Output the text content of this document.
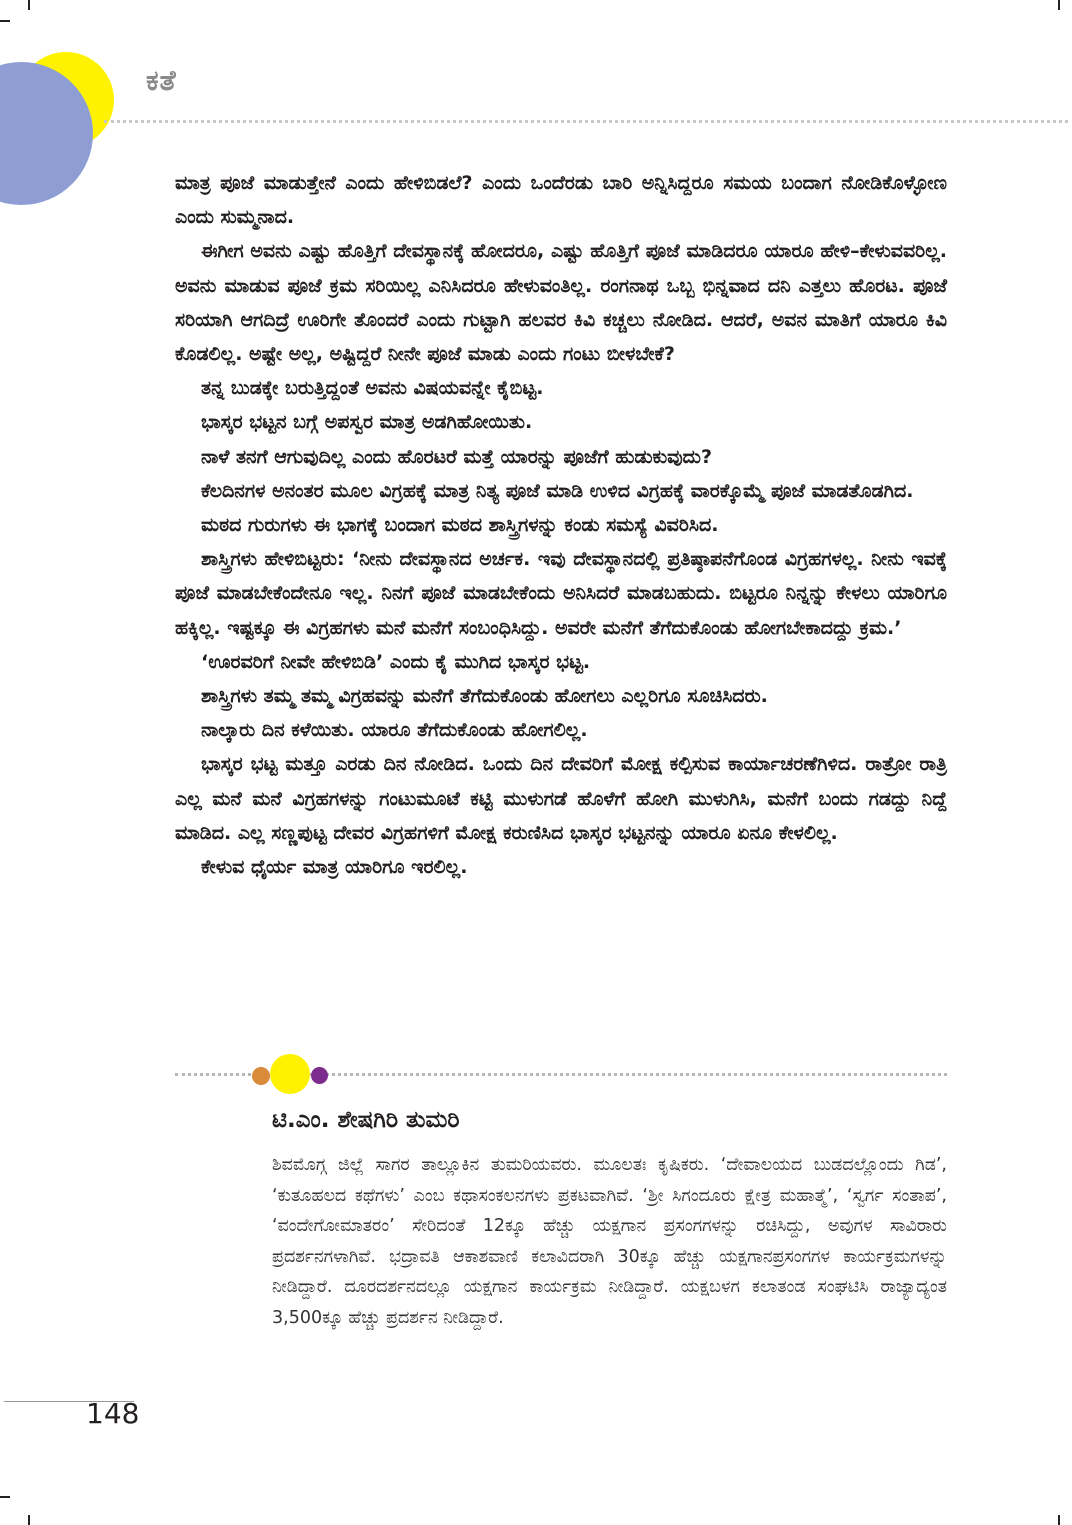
ಕತೆ

ಮಾತ್ರ ಪೂಜೆ ಮಾಡುತ್ತೇನೆ ಎಂದು ಹೇಳಿಬಿಡಲೆ? ಎಂದು ಒಂದೆರಡು ಬಾರಿ ಅನ್ನಿಸಿದ್ದರೂ ಸಮಯ ಬಂದಾಗ ನೋಡಿಕೊಳ್ಳೋಣ ಎಂದು ಸುಮ್ಮನಾದ.

ಈಗೀಗ ಅವನು ಎಷ್ಟು ಹೊತ್ತಿಗೆ ದೇವಸ್ಥಾನಕ್ಕೆ ಹೋದರೂ, ಎಷ್ಟು ಹೊತ್ತಿಗೆ ಪೂಜೆ ಮಾಡಿದರೂ ಯಾರೂ ಹೇಳಿ–ಕೇಳುವವರಿಲ್ಲ. ಅವನು ಮಾಡುವ ಪೂಜೆ ಕ್ರಮ ಸರಿಯಿಲ್ಲ ಎನಿಸಿದರೂ ಹೇಳುವಂತಿಲ್ಲ. ರಂಗನಾಥ ಒಬ್ಬ ಭಿನ್ನವಾದ ದನಿ ಎತ್ತಲು ಹೊರಟ. ಪೂಜೆ ಸರಿಯಾಗಿ ಆಗದಿದ್ರೆ ಊರಿಗೇ ತೊಂದರೆ ಎಂದು ಗುಟ್ಟಾಗಿ ಹಲವರ ಕಿವಿ ಕಚ್ಚಲು ನೋಡಿದ. ಆದರೆ, ಅವನ ಮಾತಿಗೆ ಯಾರೂ ಕಿವಿ ಕೊಡಲಿಲ್ಲ. ಅಷ್ಟೇ ಅಲ್ಲ, ಅಷ್ಟಿದ್ದರೆ ನೀನೇ ಪೂಜೆ ಮಾಡು ಎಂದು ಗಂಟು ಬೀಳಬೇಕೆ?

ತನ್ನ ಬುಡಕ್ಕೇ ಬರುತ್ತಿದ್ದಂತೆ ಅವನು ವಿಷಯವನ್ನೇ ಕೈಬಿಟ್ಟ.

ಭಾಸ್ಕರ ಭಟ್ಟನ ಬಗ್ಗೆ ಅಪಸ್ವರ ಮಾತ್ರ ಅಡಗಿಹೋಯಿತು.

ನಾಳೆ ತನಗೆ ಆಗುವುದಿಲ್ಲ ಎಂದು ಹೊರಟರೆ ಮತ್ತೆ ಯಾರನ್ನು ಪೂಜೆಗೆ ಹುಡುಕುವುದು?

ಕೆಲದಿನಗಳ ಅನಂತರ ಮೂಲ ವಿಗ್ರಹಕ್ಕೆ ಮಾತ್ರ ನಿತ್ಯ ಪೂಜೆ ಮಾಡಿ ಉಳಿದ ವಿಗ್ರಹಕ್ಕೆ ವಾರಕ್ಕೊಮ್ಮೆ ಪೂಜೆ ಮಾಡತೊಡಗಿದ.

ಮಠದ ಗುರುಗಳು ಈ ಭಾಗಕ್ಕೆ ಬಂದಾಗ ಮಠದ ಶಾಸ್ತ್ರಿಗಳನ್ನು ಕಂಡು ಸಮಸ್ಯೆ ವಿವರಿಸಿದ.

ಶಾಸ್ತ್ರಿಗಳು ಹೇಳಿಬಿಟ್ಟರು: ‘ನೀನು ದೇವಸ್ಥಾನದ ಅರ್ಚಕ. ಇವು ದೇವಸ್ಥಾನದಲ್ಲಿ ಪ್ರತಿಷ್ಠಾಪನೆಗೊಂಡ ವಿಗ್ರಹಗಳಲ್ಲ. ನೀನು ಇವಕ್ಕೆ ಪೂಜೆ ಮಾಡಬೇಕೆಂದೇನೂ ಇಲ್ಲ. ನಿನಗೆ ಪೂಜೆ ಮಾಡಬೇಕೆಂದು ಅನಿಸಿದರೆ ಮಾಡಬಹುದು. ಬಿಟ್ಟರೂ ನಿನ್ನನ್ನು ಕೇಳಲು ಯಾರಿಗೂ ಹಕ್ಕಿಲ್ಲ. ಇಷ್ಟಕ್ಕೂ ಈ ವಿಗ್ರಹಗಳು ಮನೆ ಮನೆಗೆ ಸಂಬಂಧಿಸಿದ್ದು. ಅವರೇ ಮನೆಗೆ ತೆಗೆದುಕೊಂಡು ಹೋಗಬೇಕಾದದ್ದು ಕ್ರಮ.’

‘ಊರವರಿಗೆ ನೀವೇ ಹೇಳಿಬಿಡಿ’ ಎಂದು ಕೈ ಮುಗಿದ ಭಾಸ್ಕರ ಭಟ್ಟ.

ಶಾಸ್ತ್ರಿಗಳು ತಮ್ಮ ತಮ್ಮ ವಿಗ್ರಹವನ್ನು ಮನೆಗೆ ತೆಗೆದುಕೊಂಡು ಹೋಗಲು ಎಲ್ಲರಿಗೂ ಸೂಚಿಸಿದರು.

ನಾಲ್ಕಾರು ದಿನ ಕಳೆಯಿತು. ಯಾರೂ ತೆಗೆದುಕೊಂಡು ಹೋಗಲಿಲ್ಲ.

ಭಾಸ್ಕರ ಭಟ್ಟ ಮತ್ತೂ ಎರಡು ದಿನ ನೋಡಿದ. ಒಂದು ದಿನ ದೇವರಿಗೆ ಮೋಕ್ಷ ಕಲ್ಪಿಸುವ ಕಾರ್ಯಾಚರಣೆಗಿಳಿದ. ರಾತ್ರೋ ರಾತ್ರಿ ಎಲ್ಲ ಮನೆ ಮನೆ ವಿಗ್ರಹಗಳನ್ನು ಗಂಟುಮೂಟೆ ಕಟ್ಟಿ ಮುಳುಗಡೆ ಹೊಳೆಗೆ ಹೋಗಿ ಮುಳುಗಿಸಿ, ಮನೆಗೆ ಬಂದು ಗಡದ್ದು ನಿದ್ದೆ ಮಾಡಿದ. ಎಲ್ಲ ಸಣ್ಣಪುಟ್ಟ ದೇವರ ವಿಗ್ರಹಗಳಿಗೆ ಮೋಕ್ಷ ಕರುಣಿಸಿದ ಭಾಸ್ಕರ ಭಟ್ಟನನ್ನು ಯಾರೂ ಏನೂ ಕೇಳಲಿಲ್ಲ.

ಕೇಳುವ ಧೈರ್ಯ ಮಾತ್ರ ಯಾರಿಗೂ ಇರಲಿಲ್ಲ.

ಟಿ.ಎಂ. ಶೇಷಗಿರಿ ತುಮರಿ

ಶಿವಮೊಗ್ಗ ಜಿಲ್ಲೆ ಸಾಗರ ತಾಲ್ಲೂಕಿನ ತುಮರಿಯವರು. ಮೂಲತಃ ಕೃಷಿಕರು. ‘ದೇವಾಲಯದ ಬುಡದಲ್ಲೊಂದು ಗಿಡ’, ‘ಕುತೂಹಲದ ಕಥೆಗಳು’ ಎಂಬ ಕಥಾಸಂಕಲನಗಳು ಪ್ರಕಟವಾಗಿವೆ. ‘ಶ್ರೀ ಸಿಗಂದೂರು ಕ್ಷೇತ್ರ ಮಹಾತ್ಮೆ’, ‘ಸ್ವರ್ಗ ಸಂತಾಪ’, ‘ವಂದೇಗೋಮಾತರಂ’ ಸೇರಿದಂತೆ 12ಕ್ಕೂ ಹೆಚ್ಚು ಯಕ್ಷಗಾನ ಪ್ರಸಂಗಗಳನ್ನು ರಚಿಸಿದ್ದು, ಅವುಗಳ ಸಾವಿರಾರು ಪ್ರದರ್ಶನಗಳಾಗಿವೆ. ಭದ್ರಾವತಿ ಆಕಾಶವಾಣಿ ಕಲಾವಿದರಾಗಿ 30ಕ್ಕೂ ಹೆಚ್ಚು ಯಕ್ಷಗಾನಪ್ರಸಂಗಗಳ ಕಾರ್ಯಕ್ರಮಗಳನ್ನು ನೀಡಿದ್ದಾರೆ. ದೂರದರ್ಶನದಲ್ಲೂ ಯಕ್ಷಗಾನ ಕಾರ್ಯಕ್ರಮ ನೀಡಿದ್ದಾರೆ. ಯಕ್ಷಬಳಗ ಕಲಾತಂಡ ಸಂಘಟಿಸಿ ರಾಜ್ಯಾದ್ಯಂತ 3,500ಕ್ಕೂ ಹೆಚ್ಚು ಪ್ರದರ್ಶನ ನೀಡಿದ್ದಾರೆ.

148
